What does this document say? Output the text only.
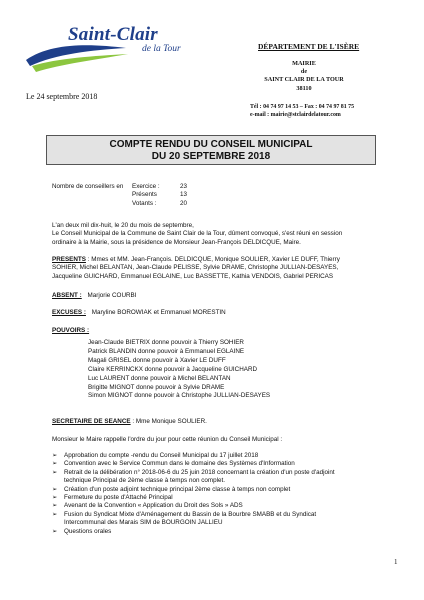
Saint-Clair
de la Tour	DÉPARTEMENT DE L'ISÈRE
MAIRIE
de
SAINT CLAIR DE LA TOUR
38110
Le 24 septembre 2018
Tél : 04 74 97 14 53 – Fax : 04 74 97 81 75
e-mail : mairie@stclairdelatour.com
COMPTE RENDU DU CONSEIL MUNICIPAL
DU 20 SEPTEMBRE 2018
Nombre de conseillers en	Exercice :	23
	Présents	13
	Votants :	20
L'an deux mil dix-huit, le 20 du mois de septembre,
Le Conseil Municipal de la Commune de Saint Clair de la Tour, dûment convoqué, s'est réuni en session
ordinaire à la Mairie, sous la présidence de Monsieur Jean-François DELDICQUE, Maire.
PRESENTS : Mmes et MM. Jean-François. DELDICQUE, Monique SOULIER, Xavier LE DUFF, Thierry
SOHIER, Michel BELANTAN, Jean-Claude PELISSE, Sylvie DRAME, Christophe JULLIAN-DESAYES,
Jacqueline GUICHARD, Emmanuel EGLAINE, Luc BASSETTE, Kathia VENDOIS, Gabriel PERICAS
ABSENT : Marjorie COURBI
EXCUSES : Maryline BOROWIAK et Emmanuel MORESTIN
POUVOIRS :
Jean-Claude BIETRIX donne pouvoir à Thierry SOHIER
Patrick BLANDIN donne pouvoir à Emmanuel EGLAINE
Magali GRISEL donne pouvoir à Xavier LE DUFF
Claire KERRINCKX donne pouvoir à Jacqueline GUICHARD
Luc LAURENT donne pouvoir à Michel BELANTAN
Brigitte MIGNOT donne pouvoir à Sylvie DRAME
Simon MIGNOT donne pouvoir à Christophe JULLIAN-DESAYES
SECRETAIRE DE SEANCE : Mme Monique SOULIER.
Monsieur le Maire rappelle l'ordre du jour pour cette réunion du Conseil Municipal :
➢ Approbation du compte -rendu du Conseil Municipal du 17 juillet 2018
➢ Convention avec le Service Commun dans le domaine des Systèmes d'Information
➢ Retrait de la délibération n° 2018-06-6 du 25 juin 2018 concernant la création d'un poste d'adjoint
technique Principal de 2ème classe à temps non complet.
➢ Création d'un poste adjoint technique principal 2ème classe à temps non complet
➢ Fermeture du poste d'Attaché Principal
➢ Avenant de la Convention « Application du Droit des Sols » ADS
➢ Fusion du Syndicat Mixte d'Aménagement du Bassin de la Bourbre SMABB et du Syndicat
Intercommunal des Marais SIM de BOURGOIN JALLIEU
➢ Questions orales
1
